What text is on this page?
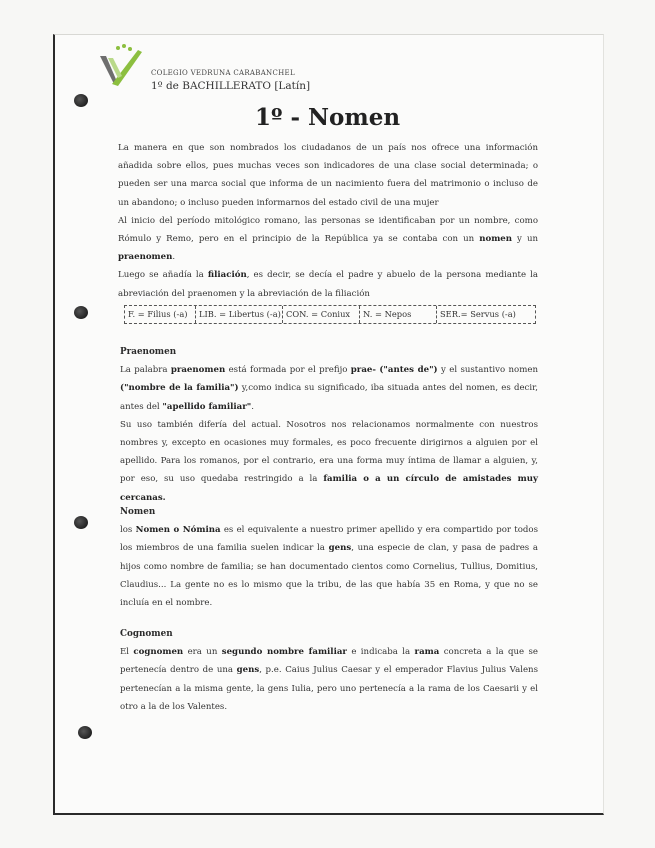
COLEGIO VEDRUNA CARABANCHEL
1º de BACHILLERATO [Latín]
1º - Nomen

La manera en que son nombrados los ciudadanos de un país nos ofrece una información añadida sobre ellos, pues muchas veces son indicadores de una clase social determinada; o pueden ser una marca social que informa de un nacimiento fuera del matrimonio o incluso de un abandono; o incluso pueden informarnos del estado civil de una mujer

Al inicio del período mitológico romano, las personas se identificaban por un nombre, como Rómulo y Remo, pero en el principio de la República ya se contaba con un nomen y un praenomen.

Luego se añadía la filiación, es decir, se decía el padre y abuelo de la persona mediante la abreviación del praenomen y la abreviación de la filiación

F. = Filius (-a)	LIB. = Libertus (-a) CON. = Coniux	N. = Nepos	SER.= Servus (-a)
Praenomen

La palabra praenomen está formada por el prefijo prae- ("antes de") y el sustantivo nomen ("nombre de la familia") y,como indica su significado, iba situada antes del nomen, es decir, antes del "apellido familiar".

Su uso también difería del actual. Nosotros nos relacionamos normalmente con nuestros nombres y, excepto en ocasiones muy formales, es poco frecuente dirigirnos a alguien por el apellido. Para los romanos, por el contrario, era una forma muy íntima de llamar a alguien, y, por eso, su uso quedaba restringido a la familia o a un círculo de amistades muy cercanas.

Nomen

los Nomen o Nómina es el equivalente a nuestro primer apellido y era compartido por todos los miembros de una familia suelen indicar la gens, una especie de clan, y pasa de padres a hijos como nombre de familia; se han documentado cientos como Cornelius, Tullius, Domitius, Claudius... La gente no es lo mismo que la tribu, de las que había 35 en Roma, y que no se incluía en el nombre.

Cognomen

El cognomen era un segundo nombre familiar e indicaba la rama concreta a la que se pertenecía dentro de una gens, p.e. Caius Julius Caesar y el emperador Flavius Julius Valens pertenecían a la misma gente, la gens Iulia, pero uno pertenecía a la rama de los Caesarii y el otro a la de los Valentes.
